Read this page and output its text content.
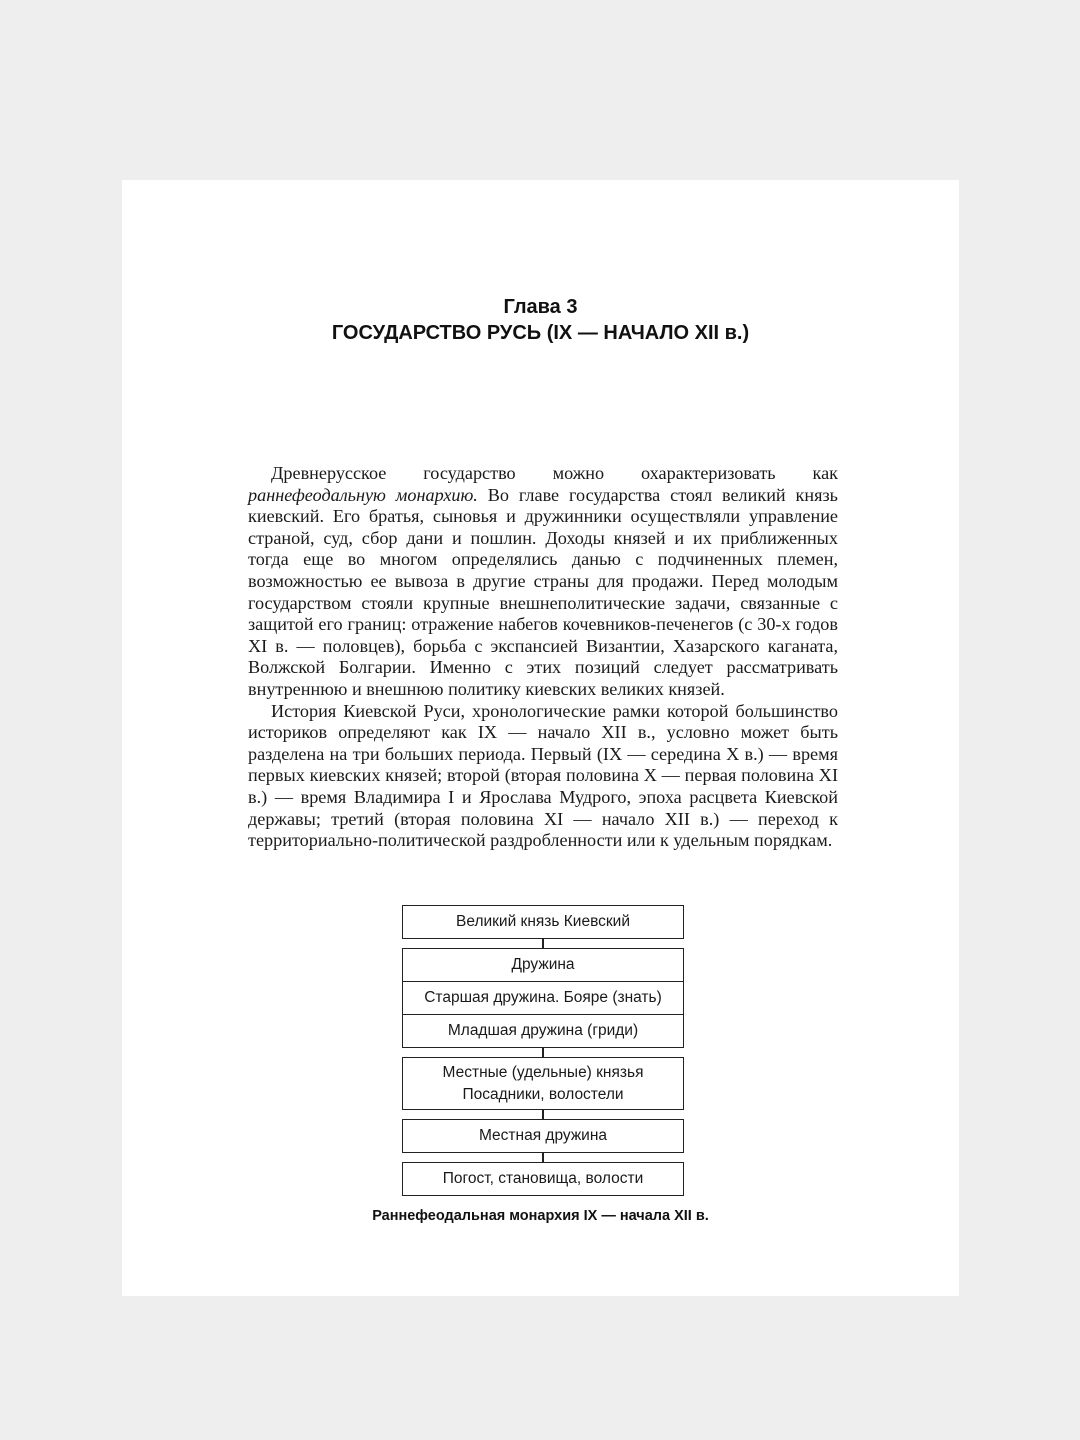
Глава 3
ГОСУДАРСТВО РУСЬ (IX — НАЧАЛО XII в.)

Древнерусское государство можно охарактеризовать как раннефеодальную монархию. Во главе государства стоял великий князь киевский. Его братья, сыновья и дружинники осуществляли управление страной, суд, сбор дани и пошлин. Доходы князей и их приближенных тогда еще во многом определялись данью с подчиненных племен, возможностью ее вывоза в другие страны для продажи. Перед молодым государством стояли крупные внешнеполитические задачи, связанные с защитой его границ: отражение набегов кочевников-печенегов (с 30-х годов XI в. — половцев), борьба с экспансией Византии, Хазарского каганата, Волжской Болгарии. Именно с этих позиций следует рассматривать внутреннюю и внешнюю политику киевских великих князей.

История Киевской Руси, хронологические рамки которой большинство историков определяют как IX — начало XII в., условно может быть разделена на три больших периода. Первый (IX — середина X в.) — время первых киевских князей; второй (вторая половина X — первая половина XI в.) — время Владимира I и Ярослава Мудрого, эпоха расцвета Киевской державы; третий (вторая половина XI — начало XII в.) — переход к территориально-политической раздробленности или к удельным порядкам.

Великий князь Киевский
Дружина
Старшая дружина. Бояре (знать)
Младшая дружина (гриди)
Местные (удельные) князья
Посадники, волостели
Местная дружина
Погост, становища, волости
Раннефеодальная монархия IX — начала XII в.
